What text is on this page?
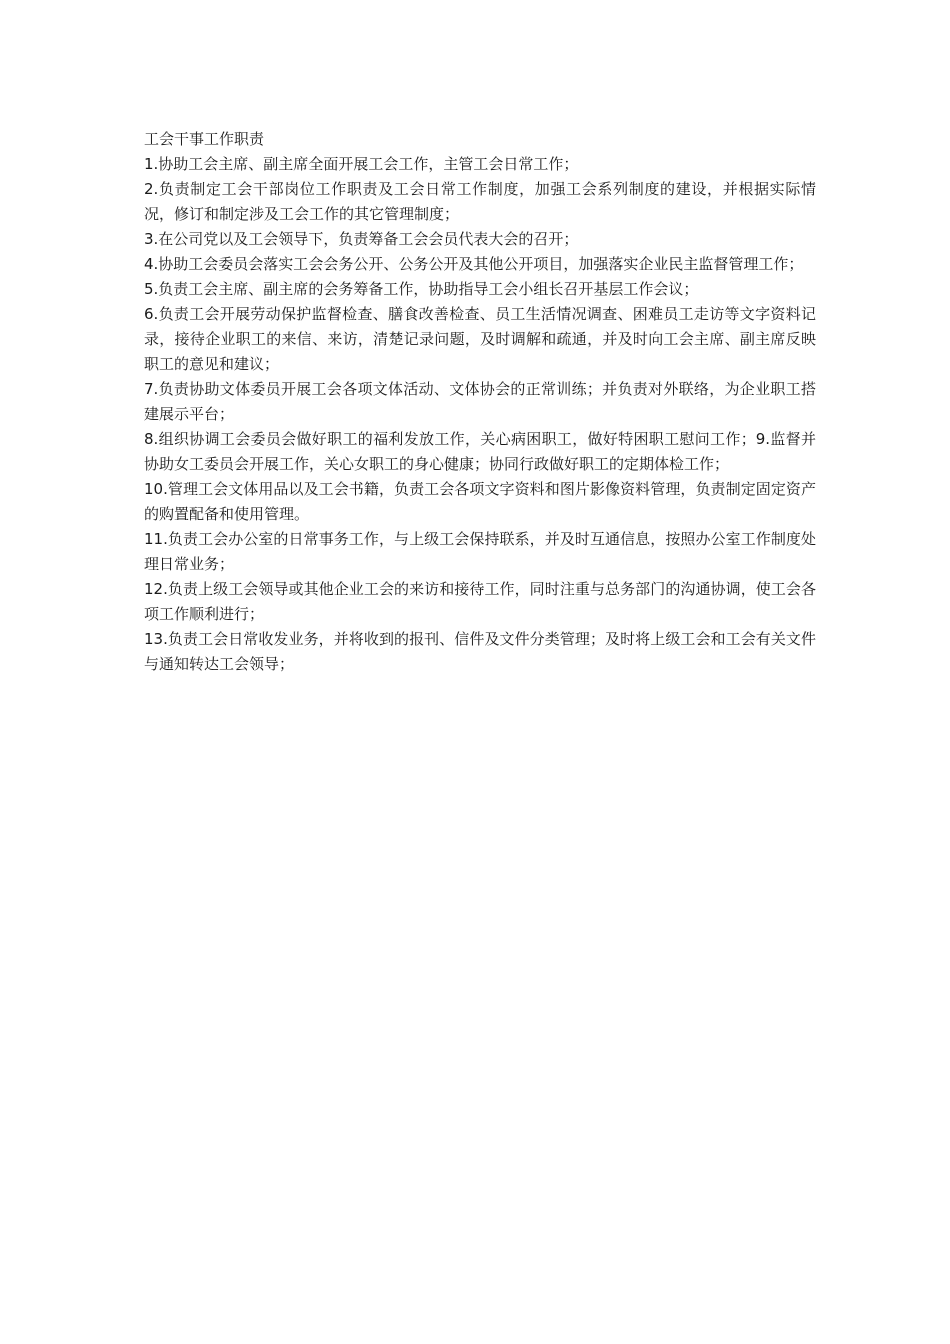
工会干事工作职责

1.协助工会主席、副主席全面开展工会工作，主管工会日常工作；

2.负责制定工会干部岗位工作职责及工会日常工作制度，加强工会系列制度的建设，并根据实际情况，修订和制定涉及工会工作的其它管理制度；

3.在公司党以及工会领导下，负责筹备工会会员代表大会的召开；

4.协助工会委员会落实工会会务公开、公务公开及其他公开项目，加强落实企业民主监督管理工作；

5.负责工会主席、副主席的会务筹备工作，协助指导工会小组长召开基层工作会议；

6.负责工会开展劳动保护监督检查、膳食改善检查、员工生活情况调查、困难员工走访等文字资料记录，接待企业职工的来信、来访，清楚记录问题，及时调解和疏通，并及时向工会主席、副主席反映职工的意见和建议；

7.负责协助文体委员开展工会各项文体活动、文体协会的正常训练；并负责对外联络，为企业职工搭建展示平台；

8.组织协调工会委员会做好职工的福利发放工作，关心病困职工，做好特困职工慰问工作；9.监督并协助女工委员会开展工作，关心女职工的身心健康；协同行政做好职工的定期体检工作；

10.管理工会文体用品以及工会书籍，负责工会各项文字资料和图片影像资料管理，负责制定固定资产的购置配备和使用管理。

11.负责工会办公室的日常事务工作，与上级工会保持联系，并及时互通信息，按照办公室工作制度处理日常业务；

12.负责上级工会领导或其他企业工会的来访和接待工作，同时注重与总务部门的沟通协调，使工会各项工作顺利进行；

13.负责工会日常收发业务，并将收到的报刊、信件及文件分类管理；及时将上级工会和工会有关文件与通知转达工会领导；
